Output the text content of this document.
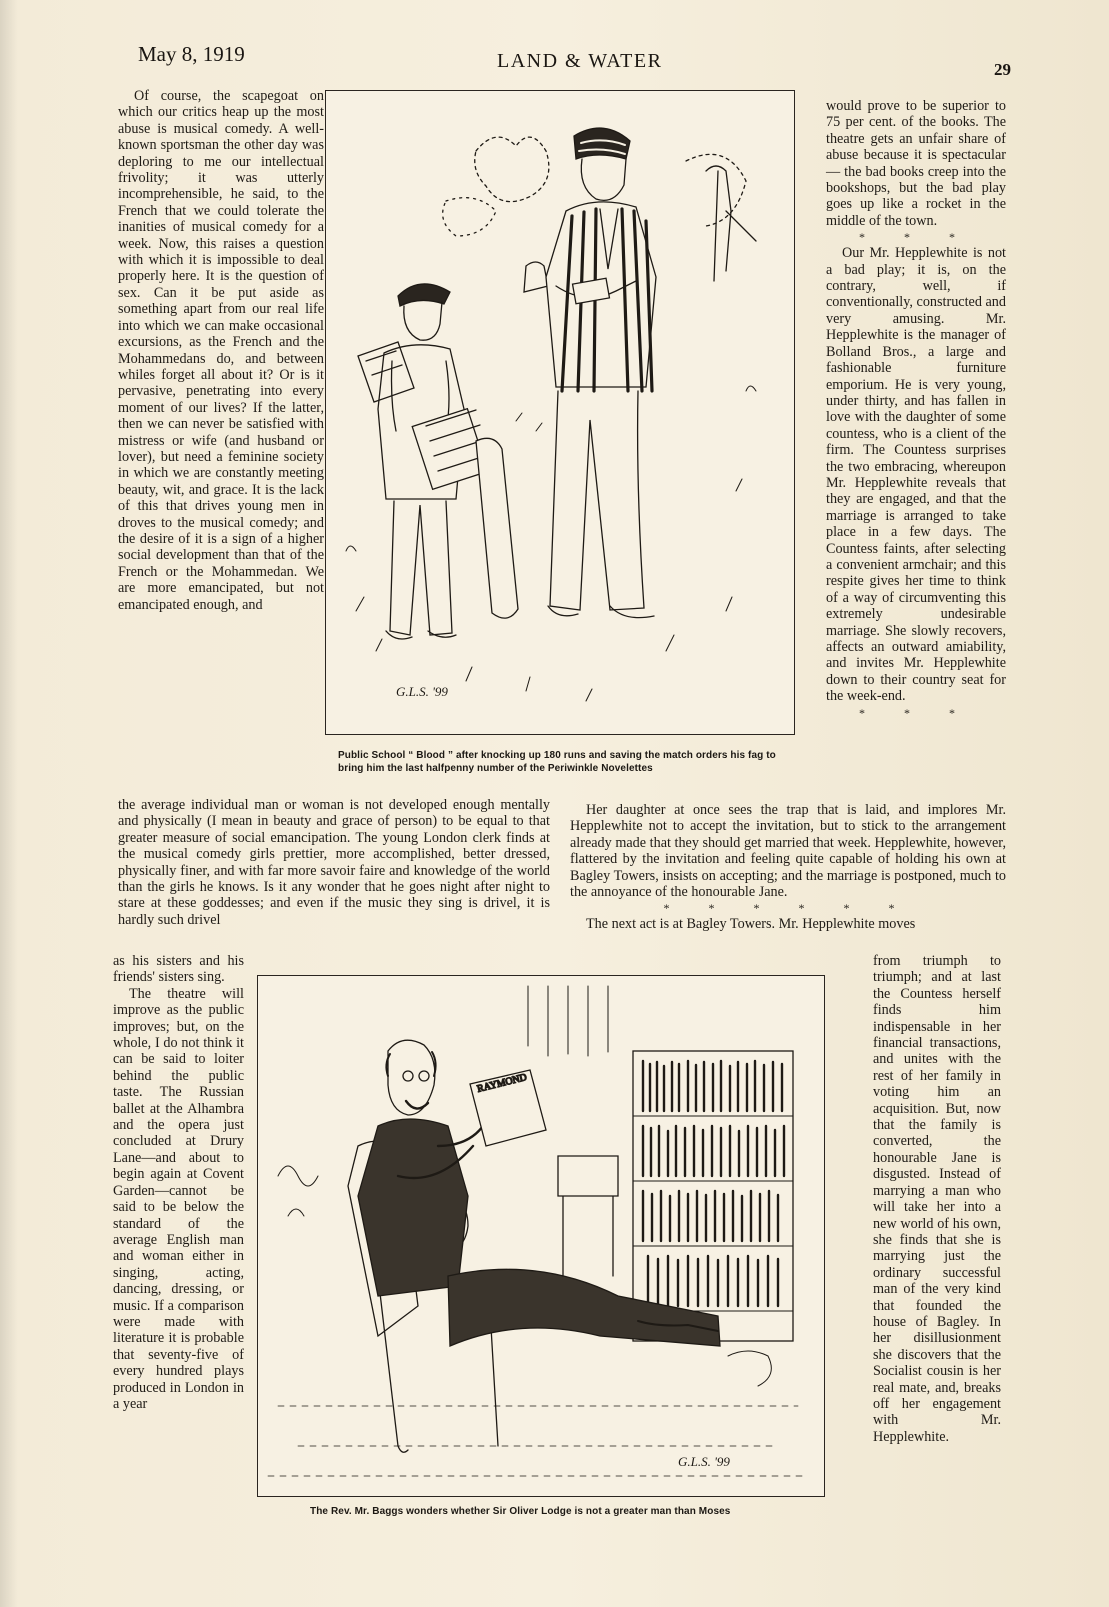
May 8, 1919	LAND & WATER	29

Of course, the scapegoat on which our critics heap up the most abuse is musical comedy. A well-known sportsman the other day was deploring to me our intellectual frivolity; it was utterly incomprehensible, he said, to the French that we could tolerate the inanities of musical comedy for a week. Now, this raises a question with which it is impossible to deal properly here. It is the question of sex. Can it be put aside as something apart from our real life into which we can make occasional excursions, as the French and the Mohammedans do, and between whiles forget all about it? Or is it pervasive, penetrating into every moment of our lives? If the latter, then we can never be satisfied with mistress or wife (and husband or lover), but need a feminine society in which we are constantly meeting beauty, wit, and grace. It is the lack of this that drives young men in droves to the musical comedy; and the desire of it is a sign of a higher social development than that of the French or the Mohammedan. We are more emancipated, but not emancipated enough, and

G.L.S. '99
Public School “ Blood ” after knocking up 180 runs and saving the match orders his fag to bring him the last halfpenny number of the Periwinkle Novelettes

would prove to be superior to 75 per cent. of the books. The theatre gets an unfair share of abuse because it is spectacular — the bad books creep into the bookshops, but the bad play goes up like a rocket in the middle of the town.

* * *

Our Mr. Hepplewhite is not a bad play; it is, on the contrary, well, if conventionally, constructed and very amusing. Mr. Hepplewhite is the manager of Bolland Bros., a large and fashionable furniture emporium. He is very young, under thirty, and has fallen in love with the daughter of some countess, who is a client of the firm. The Countess surprises the two embracing, whereupon Mr. Hepplewhite reveals that they are engaged, and that the marriage is arranged to take place in a few days. The Countess faints, after selecting a convenient armchair; and this respite gives her time to think of a way of circumventing this extremely undesirable marriage. She slowly recovers, affects an outward amiability, and invites Mr. Hepplewhite down to their country seat for the week-end.

* * *

the average individual man or woman is not developed enough mentally and physically (I mean in beauty and grace of person) to be equal to that greater measure of social emancipation. The young London clerk finds at the musical comedy girls prettier, more accomplished, better dressed, physically finer, and with far more savoir faire and knowledge of the world than the girls he knows. Is it any wonder that he goes night after night to stare at these goddesses; and even if the music they sing is drivel, it is hardly such drivel

Her daughter at once sees the trap that is laid, and implores Mr. Hepplewhite not to accept the invitation, but to stick to the arrangement already made that they should get married that week. Hepplewhite, however, flattered by the invitation and feeling quite capable of holding his own at Bagley Towers, insists on accepting; and the marriage is postponed, much to the annoyance of the honourable Jane.

* * * * * *

The next act is at Bagley Towers. Mr. Hepplewhite moves

as his sisters and his friends' sisters sing.

The theatre will improve as the public improves; but, on the whole, I do not think it can be said to loiter behind the public taste. The Russian ballet at the Alhambra and the opera just concluded at Drury Lane—and about to begin again at Covent Garden—cannot be said to be below the standard of the average English man and woman either in singing, acting, dancing, dressing, or music. If a comparison were made with literature it is probable that seventy-five of every hundred plays produced in London in a year

RAYMOND
G.L.S. '99
The Rev. Mr. Baggs wonders whether Sir Oliver Lodge is not a greater man than Moses

from triumph to triumph; and at last the Countess herself finds him indispensable in her financial transactions, and unites with the rest of her family in voting him an acquisition. But, now that the family is converted, the honourable Jane is disgusted. Instead of marrying a man who will take her into a new world of his own, she finds that she is marrying just the ordinary successful man of the very kind that founded the house of Bagley. In her disillusionment she discovers that the Socialist cousin is her real mate, and, breaks off her engagement with Mr. Hepplewhite.
